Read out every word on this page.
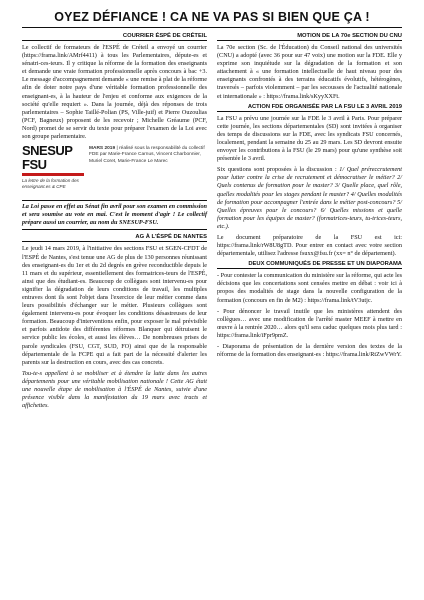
OYEZ DÉFIANCE ! CA NE VA PAS SI BIEN QUE ÇA !
COURRIER ÉSPÉ DE CRÉTEIL

Le collectif de formateurs de l'ESPÉ de Créteil a envoyé un courrier (https://frama.link/AMrf4411) à tous les Parlementaires, députe-es et sénatri-ces-teurs. Il y critique la réforme de la formation des enseignants et demande une vraie formation professionnelle après concours à bac +3. Le message d'accompagnement demande « une remise à plat de la réforme afin de doter notre pays d'une véritable formation professionnelle des enseignant-es, à la hauteur de l'enjeu et conforme aux exigences de la société qu'elle requiert ». Dans la journée, déjà des réponses de trois parlementaires – Sophie Taillé-Polian (PS, Ville-juif) et Pierre Ouzoulias (PCF, Bagneux) proposent de les recevoir ; Michelle Gréaume (PCF, Nord) promet de se servir du texte pour préparer l'examen de la Loi avec son groupe parlementaire.

SNESUP FSU
La lettre de la formation des enseignant.es & CPE
MARS 2019 | réalisé sous la responsabilité du collectif FDE par Marie-France Carnus, Vincent Charbonnier, Muriel Coret, Marie-France Le Marec

La Loi passe en effet au Sénat fin avril pour son examen en commission et sera soumise au vote en mai. C'est le moment d'agir ! Le collectif prépare aussi un courrier, au nom du SNESUP-FSU.

AG À L'ÉSPÉ DE NANTES

Le jeudi 14 mars 2019, à l'initiative des sections FSU et SGEN-CFDT de l'ESPÉ de Nantes, s'est tenue une AG de plus de 130 personnes réunissant des enseignant-es du 1er et du 2d degrés en grève reconductible depuis le 11 mars et du supérieur, essentiellement des formatrices-teurs de l'ESPÉ, ainsi que des étudiant-es. Beaucoup de collègues sont intervenu-es pour signifier la dégradation de leurs conditions de travail, les multiples entraves dont ils sont l'objet dans l'exercice de leur métier comme dans leurs possibilités d'échanger sur le métier. Plusieurs collègues sont également intervenu-es pour évoquer les conditions désastreuses de leur formation. Beaucoup d'interventions enfin, pour exposer le mal prévisible et parfois antidote des différentes réformes Blanquer qui détruisent le service public les écoles, et aussi les élèves… De nombreuses prises de parole syndicales (FSU, CGT, SUD, FO) ainsi que de la responsable départementale de la FCPE qui a fait part de la nécessité d'alerter les parents sur la destruction en cours, avec des cas concrets.

Tou-te-s appellent à se mobiliser et à étendre la lutte dans les autres départements pour une véritable mobilisation nationale ! Cette AG était une nouvelle étape de mobilisation à l'ÉSPÉ de Nantes, suivie d'une présence visible dans la manifestation du 19 mars avec tracts et affichettes.

MOTION DE LA 70e SECTION DU CNU

La 70e section (Sc. de l'Éducation) du Conseil national des universités (CNU) a adopté (avec 36 pour sur 47 voix) une motion sur la FDE. Elle y exprime son inquiétude sur la dégradation de la formation et son attachement à « une formation intellectuelle de haut niveau pour des enseignants confrontés à des terrains éducatifs évolutifs, hétérogènes, traversés – parfois violemment – par les secousses de l'actualité nationale et internationale » : https://frama.link/sKyyXXFt.

ACTION FDE ORGANISÉE PAR LA FSU LE 3 AVRIL 2019

La FSU a prévu une journée sur la FDE le 3 avril à Paris. Pour préparer cette journée, les sections départementales (SD) sont invitées à organiser des temps de discussions sur la FDE, avec les syndicats FSU concernés, localement, pendant la semaine du 25 au 29 mars. Les SD devront ensuite envoyer les contributions à la FSU (le 29 mars) pour qu'une synthèse soit présentée le 3 avril.

Six questions sont proposées à la discussion : 1/ Quel préreccrutement pour lutter contre la crise de recrutement et démocratiser le métier? 2/ Quels contenus de formation pour le master? 3/ Quelle place, quel rôle, quelles modalités pour les stages pendant le master? 4/ Quelles modalités de formation pour accompagner l'entrée dans le métier post-concours? 5/ Quelles épreuves pour le concours? 6/ Quelles missions et quelle formation pour les équipes de master? (formatrices-teurs, tu-trices-teurs, etc.).

Le document préparatoire de la FSU est ici: https://frama.link/rW8U8gTD. Pour entrer en contact avec votre section départementale, utilisez l'adresse fsuxx@fsu.fr (xx= n° de département).

DEUX COMMUNIQUÉS DE PRESSE ET UN DIAPORAMA

- Pour contester la communication du ministère sur la réforme, qui acte les décisions que les concertations sont censées mettre en débat : voir ici à propos des modalités de stage dans la nouvelle configuration de la formation (concours en fin de M2) : https://frama.link/tV3utjc.

- Pour dénoncer le travail inutile que les ministères attendent des collègues… avec une modification de l'arrêté master MEEF à mettre en œuvre à la rentrée 2020… alors qu'il sera caduc quelques mois plus tard : https://frama.link/iFpr9pmZ.

- Diaporama de présentation de la dernière version des textes de la réforme de la formation des enseignant-es : https://frama.link/RtZwVWrY.
